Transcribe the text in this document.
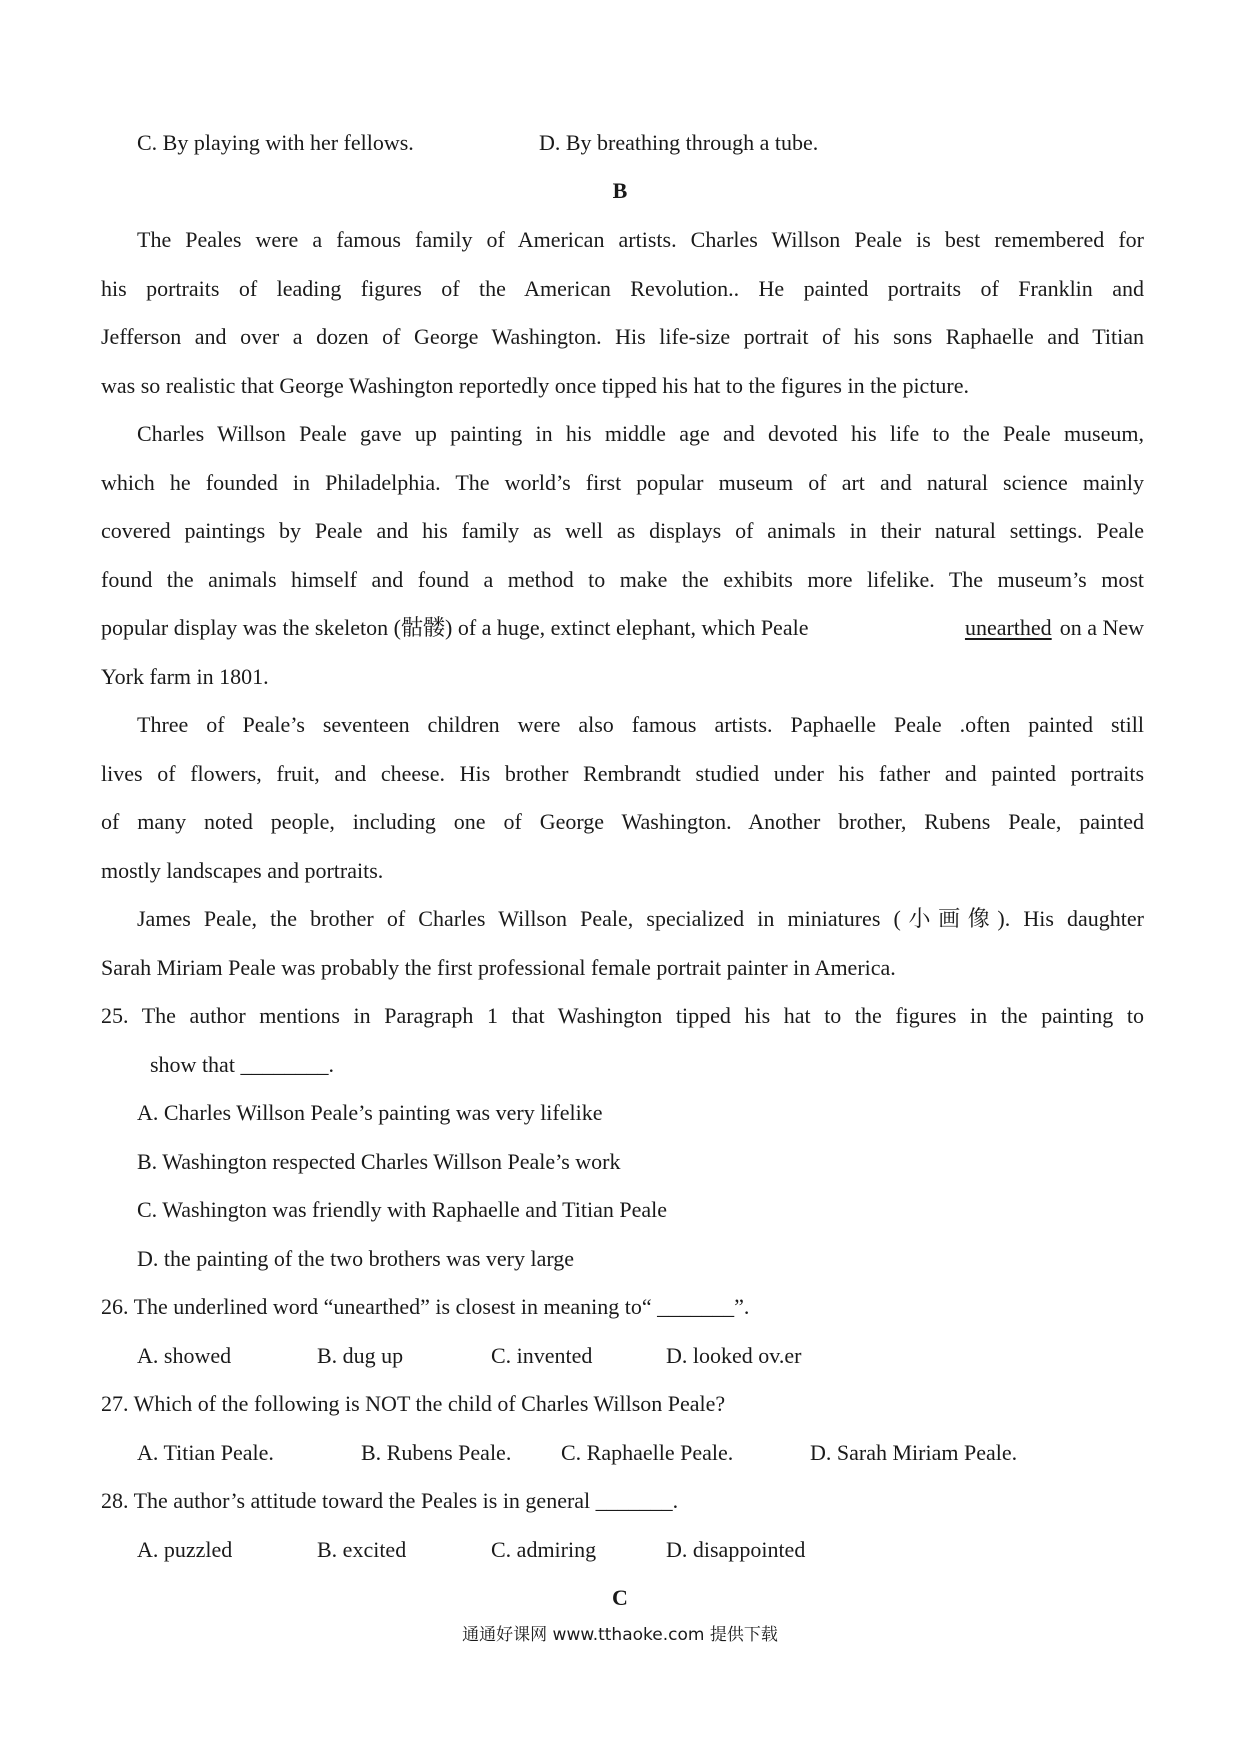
C. By playing with her fellows.	D. By breathing through a tube.
B
The Peales were a famous family of American artists. Charles Willson Peale is best remembered for
his portraits of leading figures of the American Revolution.. He painted portraits of Franklin and
Jefferson and over a dozen of George Washington. His life-size portrait of his sons Raphaelle and Titian
was so realistic that George Washington reportedly once tipped his hat to the figures in the picture.
Charles Willson Peale gave up painting in his middle age and devoted his life to the Peale museum,
which he founded in Philadelphia. The world’s first popular museum of art and natural science mainly
covered paintings by Peale and his family as well as displays of animals in their natural settings. Peale
found the animals himself and found a method to make the exhibits more lifelike. The museum’s most
popular display was the skeleton (骷髅) of a huge, extinct elephant, which Peale	unearthed on a New
York farm in 1801.
Three of Peale’s seventeen children were also famous artists. Paphaelle Peale .often painted still
lives of flowers, fruit, and cheese. His brother Rembrandt studied under his father and painted portraits
of many noted people, including one of George Washington. Another brother, Rubens Peale, painted
mostly landscapes and portraits.
James Peale, the brother of Charles Willson Peale, specialized in miniatures (小画像). His daughter
Sarah Miriam Peale was probably the first professional female portrait painter in America.
25. The author mentions in Paragraph 1 that Washington tipped his hat to the figures in the painting to
show that ________.
A. Charles Willson Peale’s painting was very lifelike
B. Washington respected Charles Willson Peale’s work
C. Washington was friendly with Raphaelle and Titian Peale
D. the painting of the two brothers was very large
26. The underlined word “unearthed” is closest in meaning to“ _______”.
A. showed	B. dug up	C. invented	D. looked ov.er
27. Which of the following is NOT the child of Charles Willson Peale?
A. Titian Peale.	B. Rubens Peale. C. Raphaelle Peale.	D. Sarah Miriam Peale.
28. The author’s attitude toward the Peales is in general _______.
A. puzzled	B. excited	C. admiring	D. disappointed
C
通通好课网 www.tthaoke.com 提供下载
